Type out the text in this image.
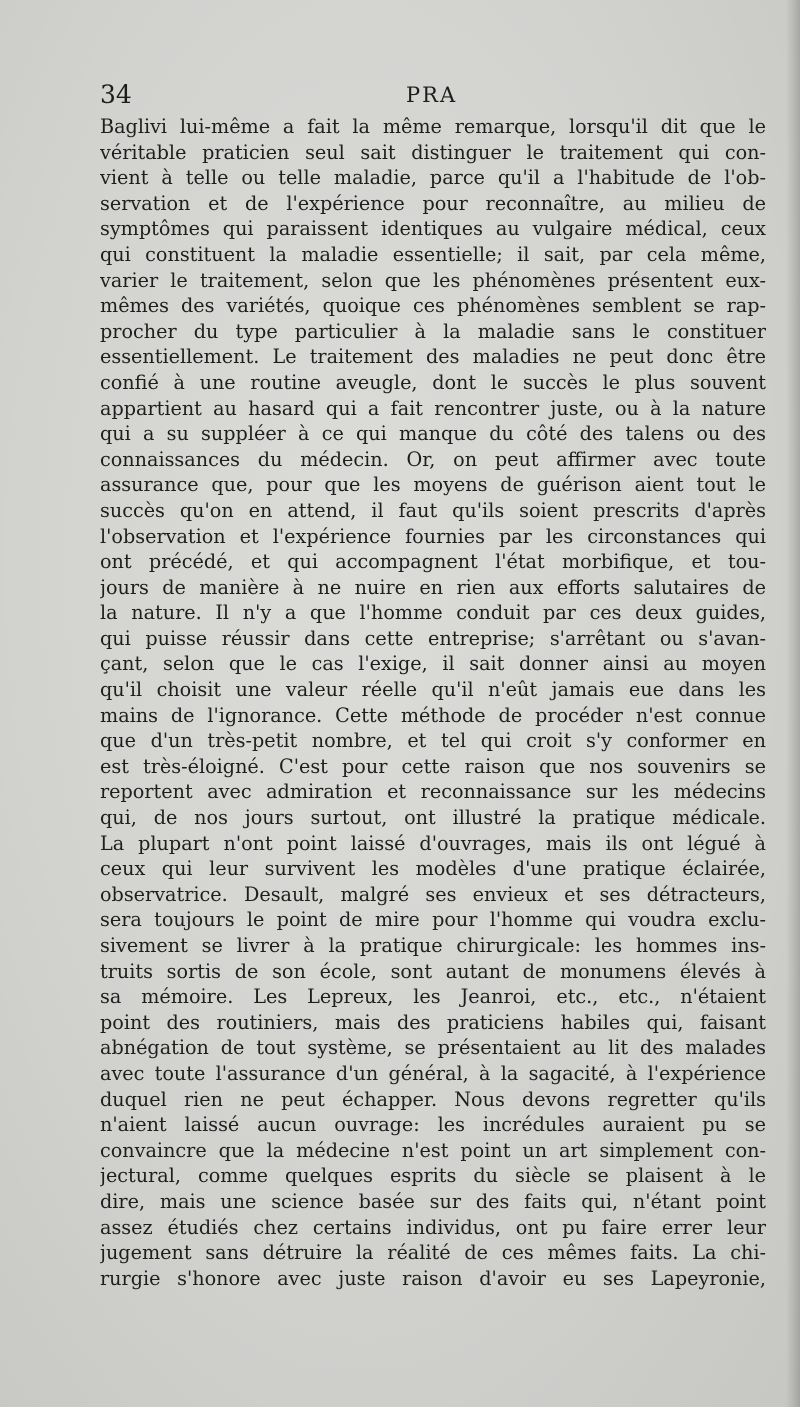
34	PRA
Baglivi lui-même a fait la même remarque, lorsqu'il dit que le
véritable praticien seul sait distinguer le traitement qui con-
vient à telle ou telle maladie, parce qu'il a l'habitude de l'ob-
servation et de l'expérience pour reconnaître, au milieu de
symptômes qui paraissent identiques au vulgaire médical, ceux
qui constituent la maladie essentielle; il sait, par cela même,
varier le traitement, selon que les phénomènes présentent eux-
mêmes des variétés, quoique ces phénomènes semblent se rap-
procher du type particulier à la maladie sans le constituer
essentiellement. Le traitement des maladies ne peut donc être
confié à une routine aveugle, dont le succès le plus souvent
appartient au hasard qui a fait rencontrer juste, ou à la nature
qui a su suppléer à ce qui manque du côté des talens ou des
connaissances du médecin. Or, on peut affirmer avec toute
assurance que, pour que les moyens de guérison aient tout le
succès qu'on en attend, il faut qu'ils soient prescrits d'après
l'observation et l'expérience fournies par les circonstances qui
ont précédé, et qui accompagnent l'état morbifique, et tou-
jours de manière à ne nuire en rien aux efforts salutaires de
la nature. Il n'y a que l'homme conduit par ces deux guides,
qui puisse réussir dans cette entreprise; s'arrêtant ou s'avan-
çant, selon que le cas l'exige, il sait donner ainsi au moyen
qu'il choisit une valeur réelle qu'il n'eût jamais eue dans les
mains de l'ignorance. Cette méthode de procéder n'est connue
que d'un très-petit nombre, et tel qui croit s'y conformer en
est très-éloigné. C'est pour cette raison que nos souvenirs se
reportent avec admiration et reconnaissance sur les médecins
qui, de nos jours surtout, ont illustré la pratique médicale.
La plupart n'ont point laissé d'ouvrages, mais ils ont légué à
ceux qui leur survivent les modèles d'une pratique éclairée,
observatrice. Desault, malgré ses envieux et ses détracteurs,
sera toujours le point de mire pour l'homme qui voudra exclu-
sivement se livrer à la pratique chirurgicale: les hommes ins-
truits sortis de son école, sont autant de monumens élevés à
sa mémoire. Les Lepreux, les Jeanroi, etc., etc., n'étaient
point des routiniers, mais des praticiens habiles qui, faisant
abnégation de tout système, se présentaient au lit des malades
avec toute l'assurance d'un général, à la sagacité, à l'expérience
duquel rien ne peut échapper. Nous devons regretter qu'ils
n'aient laissé aucun ouvrage: les incrédules auraient pu se
convaincre que la médecine n'est point un art simplement con-
jectural, comme quelques esprits du siècle se plaisent à le
dire, mais une science basée sur des faits qui, n'étant point
assez étudiés chez certains individus, ont pu faire errer leur
jugement sans détruire la réalité de ces mêmes faits. La chi-
rurgie s'honore avec juste raison d'avoir eu ses Lapeyronie,
